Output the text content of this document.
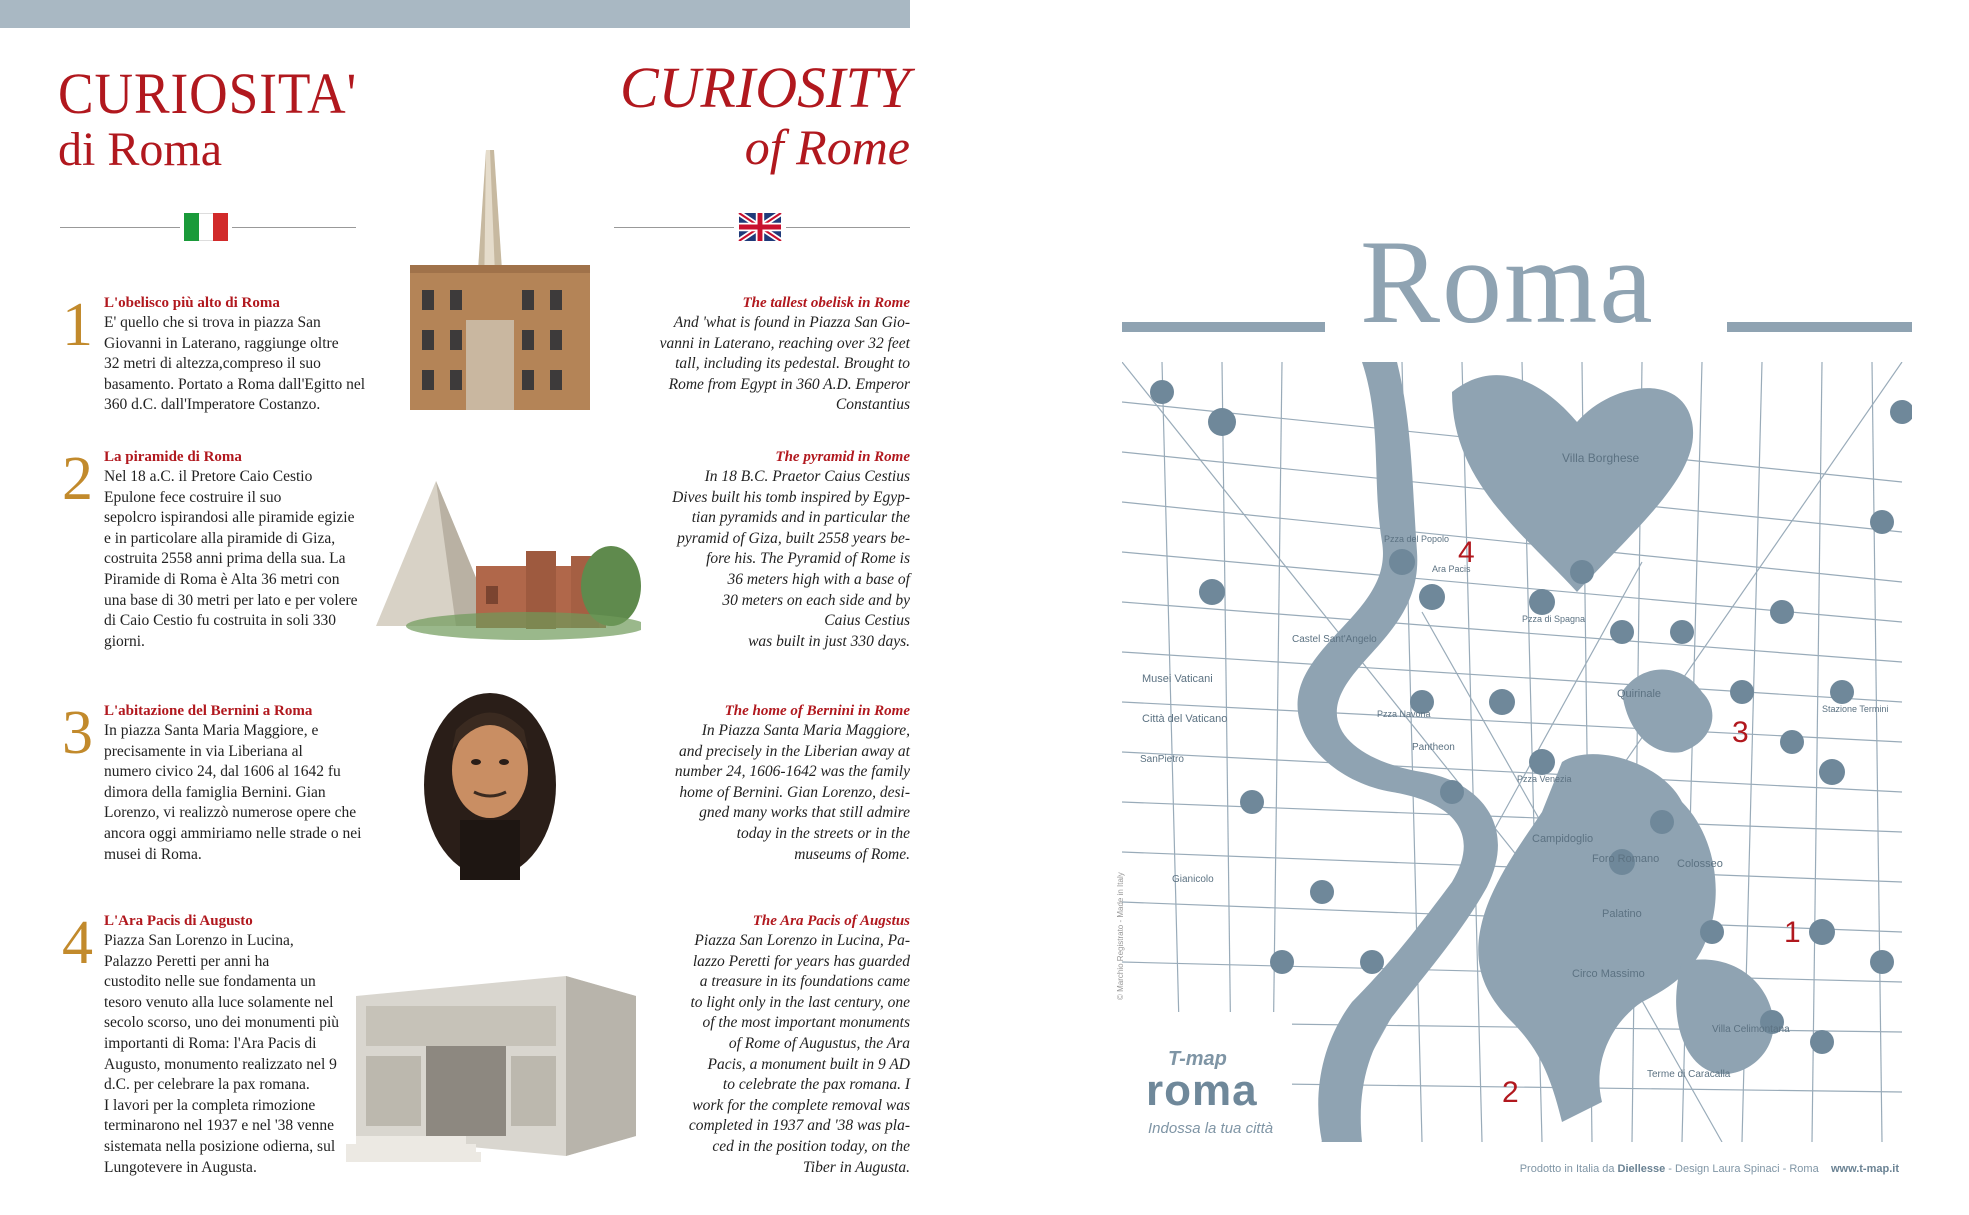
CURIOSITA'
di Roma
CURIOSITY
of Rome
1 L'obelisco più alto di Roma
E' quello che si trova in piazza San
Giovanni in Laterano, raggiunge oltre
32 metri di altezza,compreso il suo
basamento. Portato a Roma dall'Egitto nel
360 d.C. dall'Imperatore Costanzo.
The tallest obelisk in Rome
And 'what is found in Piazza San Gio-
vanni in Laterano, reaching over 32 feet
tall, including its pedestal. Brought to
Rome from Egypt in 360 A.D. Emperor
Constantius
2 La piramide di Roma
Nel 18 a.C. il Pretore Caio Cestio
Epulone fece costruire il suo
sepolcro ispirandosi alle piramide egizie
e in particolare alla piramide di Giza,
costruita 2558 anni prima della sua. La
Piramide di Roma è Alta 36 metri con
una base di 30 metri per lato e per volere
di Caio Cestio fu costruita in soli 330
giorni.
The pyramid in Rome
In 18 B.C. Praetor Caius Cestius
Dives built his tomb inspired by Egyp-
tian pyramids and in particular the
pyramid of Giza, built 2558 years be-
fore his. The Pyramid of Rome is
36 meters high with a base of
30 meters on each side and by
Caius Cestius
was built in just 330 days.
3 L'abitazione del Bernini a Roma
In piazza Santa Maria Maggiore, e
precisamente in via Liberiana al
numero civico 24, dal 1606 al 1642 fu
dimora della famiglia Bernini. Gian
Lorenzo, vi realizzò numerose opere che
ancora oggi ammiriamo nelle strade o nei
musei di Roma.
The home of Bernini in Rome
In Piazza Santa Maria Maggiore,
and precisely in the Liberian away at
number 24, 1606-1642 was the family
home of Bernini. Gian Lorenzo, desi-
gned many works that still admire
today in the streets or in the
museums of Rome.
4 L'Ara Pacis di Augusto
Piazza San Lorenzo in Lucina,
Palazzo Peretti per anni ha
custodito nelle sue fondamenta un
tesoro venuto alla luce solamente nel
secolo scorso, uno dei monumenti più
importanti di Roma: l'Ara Pacis di
Augusto, monumento realizzato nel 9
d.C. per celebrare la pax romana.
I lavori per la completa rimozione
terminarono nel 1937 e nel '38 venne
sistemata nella posizione odierna, sul
Lungotevere in Augusta.
The Ara Pacis of Augstus
Piazza San Lorenzo in Lucina, Pa-
lazzo Peretti for years has guarded
a treasure in its foundations came
to light only in the last century, one
of the most important monuments
of Rome of Augustus, the Ara
Pacis, a monument built in 9 AD
to celebrate the pax romana. I
work for the complete removal was
completed in 1937 and '38 was pla-
ced in the position today, on the
Tiber in Augusta.
Roma
Villa Borghese
Musei Vaticani
Città del Vaticano
SanPietro
Castel Sant'Angelo
Pantheon
Quirinale
Campidoglio
Foro Romano
Palatino
Colosseo
Circo Massimo
Gianicolo
Terme di Caracalla
Pzza del Popolo
Pzza di Spagna
Pzza Venezia
Pzza Navona
Ara Pacis
Stazione Termini
Villa Celimontana
1
2
3
4
T-map
roma
Indossa la tua città
Prodotto in Italia da Diellesse - Design Laura Spinaci - Roma www.t-map.it
© Marchio Registrato - Made in Italy
